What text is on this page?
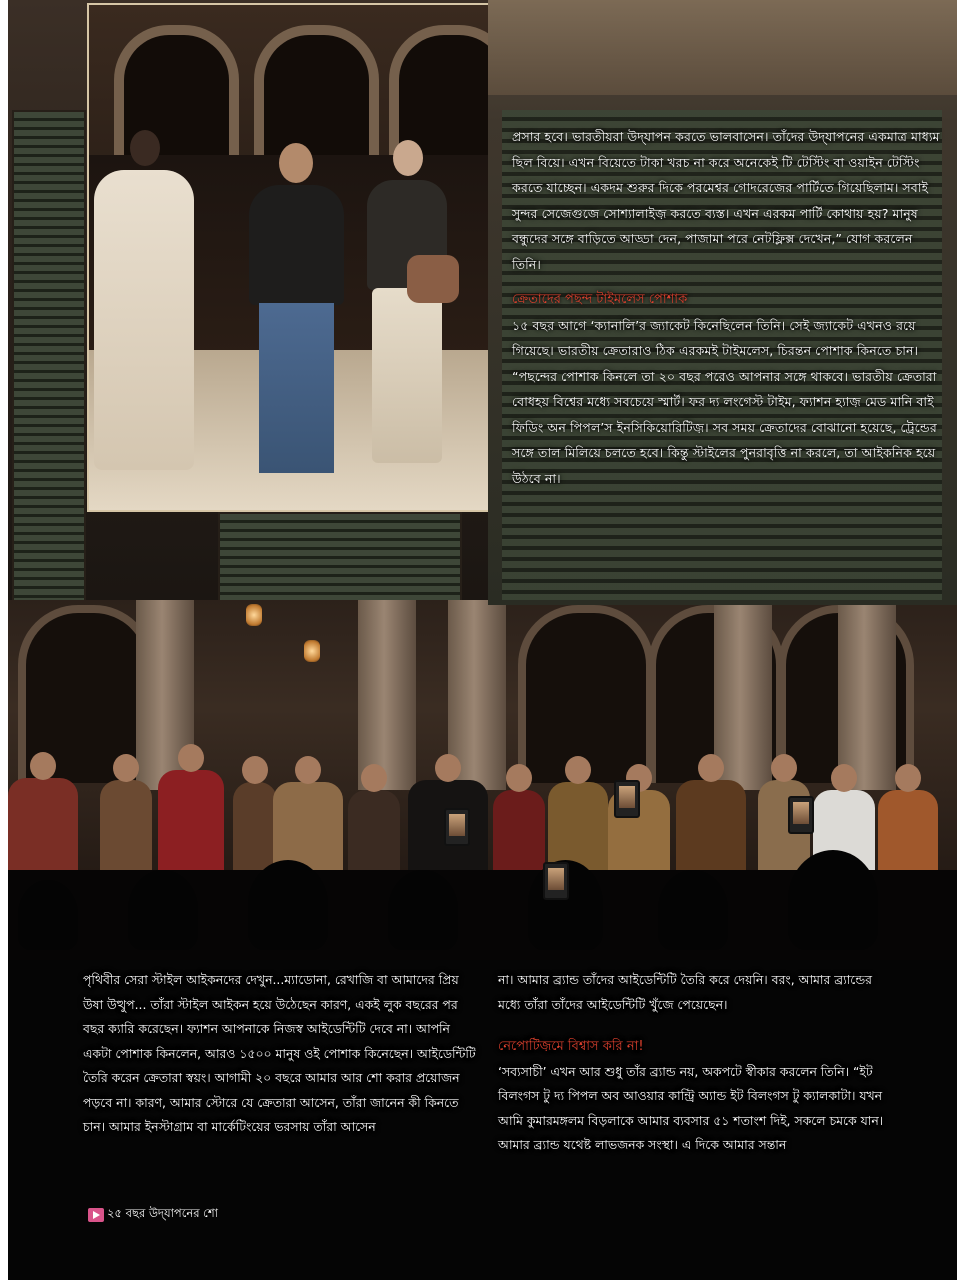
প্রসার হবে। ভারতীয়রা উদ্‌যাপন করতে ভালবাসেন। তাঁদের উদ্‌যাপনের একমাত্র মাধ্যম ছিল বিয়ে। এখন বিয়েতে টাকা খরচ না করে অনেকেই টি টেস্টিং বা ওয়াইন টেস্টিং করতে যাচ্ছেন। একদম শুরুর দিকে পরমেশ্বর গোদরেজের পার্টিতে গিয়েছিলাম। সবাই সুন্দর সেজেগুজে সোশ্যালাইজ় করতে ব্যস্ত। এখন এরকম পার্টি কোথায় হয়? মানুষ বন্ধুদের সঙ্গে বাড়িতে আড্ডা দেন, পাজামা পরে নেটফ্লিক্স দেখেন,” যোগ করলেন তিনি।

ক্রেতাদের পছন্দ টাইমলেস পোশাক

১৫ বছর আগে ‘ক্যানালি’র জ্যাকেট কিনেছিলেন তিনি। সেই জ্যাকেট এখনও রয়ে গিয়েছে। ভারতীয় ক্রেতারাও ঠিক এরকমই টাইমলেস, চিরন্তন পোশাক কিনতে চান। “পছন্দের পোশাক কিনলে তা ২০ বছর পরেও আপনার সঙ্গে থাকবে। ভারতীয় ক্রেতারা বোধহয় বিশ্বের মধ্যে সবচেয়ে স্মার্ট। ফর দ্য লংগেস্ট টাইম, ফ্যাশন হ্যাজ় মেড মানি বাই ফিডিং অন পিপল’স ইনসিকিয়োরিটিজ়। সব সময় ক্রেতাদের বোঝানো হয়েছে, ট্রেন্ডের সঙ্গে তাল মিলিয়ে চলতে হবে। কিন্তু স্টাইলের পুনরাবৃত্তি না করলে, তা আইকনিক হয়ে উঠবে না।

পৃথিবীর সেরা স্টাইল আইকনদের দেখুন...ম্যাডোনা, রেখাজি বা আমাদের প্রিয় উষা উত্থুপ... তাঁরা স্টাইল আইকন হয়ে উঠেছেন কারণ, একই লুক বছরের পর বছর ক্যারি করেছেন। ফ্যাশন আপনাকে নিজস্ব আইডেন্টিটি দেবে না। আপনি একটা পোশাক কিনলেন, আরও ১৫০০ মানুষ ওই পোশাক কিনেছেন। আইডেন্টিটি তৈরি করেন ক্রেতারা স্বয়ং। আগামী ২০ বছরে আমার আর শো করার প্রয়োজন পড়বে না। কারণ, আমার স্টোরে যে ক্রেতারা আসেন, তাঁরা জানেন কী কিনতে চান। আমার ইনস্টাগ্রাম বা মার্কেটিংয়ের ভরসায় তাঁরা আসেন

না। আমার ব্র্যান্ড তাঁদের আইডেন্টিটি তৈরি করে দেয়নি। বরং, আমার ব্র্যান্ডের মধ্যে তাঁরা তাঁদের আইডেন্টিটি খুঁজে পেয়েছেন।

নেপোটিজ়মে বিশ্বাস করি না!

‘সব্যসাচী’ এখন আর শুধু তাঁর ব্র্যান্ড নয়, অকপটে স্বীকার করলেন তিনি। “ইট বিলংগস টু দ্য পিপল অব আওয়ার কান্ট্রি অ্যান্ড ইট বিলংগস টু ক্যালকাটা। যখন আমি কুমারমঙ্গলম বিড়লাকে আমার ব্যবসার ৫১ শতাংশ দিই, সকলে চমকে যান। আমার ব্র্যান্ড যথেষ্ট লাভজনক সংস্থা। এ দিকে আমার সন্তান

২৫ বছর উদ্‌যাপনের শো
